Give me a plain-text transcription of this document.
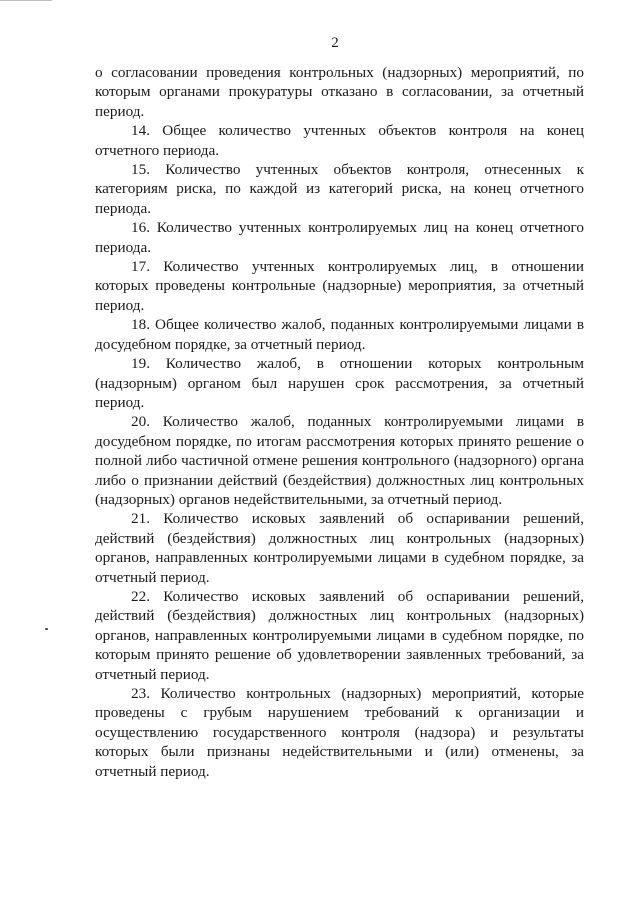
2

о согласовании проведения контрольных (надзорных) мероприятий, по которым органами прокуратуры отказано в согласовании, за отчетный период.

14. Общее количество учтенных объектов контроля на конец отчетного периода.

15. Количество учтенных объектов контроля, отнесенных к категориям риска, по каждой из категорий риска, на конец отчетного периода.

16. Количество учтенных контролируемых лиц на конец отчетного периода.

17. Количество учтенных контролируемых лиц, в отношении которых проведены контрольные (надзорные) мероприятия, за отчетный период.

18. Общее количество жалоб, поданных контролируемыми лицами в досудебном порядке, за отчетный период.

19. Количество жалоб, в отношении которых контрольным (надзорным) органом был нарушен срок рассмотрения, за отчетный период.

20. Количество жалоб, поданных контролируемыми лицами в досудебном порядке, по итогам рассмотрения которых принято решение о полной либо частичной отмене решения контрольного (надзорного) органа либо о признании действий (бездействия) должностных лиц контрольных (надзорных) органов недействительными, за отчетный период.

21. Количество исковых заявлений об оспаривании решений, действий (бездействия) должностных лиц контрольных (надзорных) органов, направленных контролируемыми лицами в судебном порядке, за отчетный период.

22. Количество исковых заявлений об оспаривании решений, действий (бездействия) должностных лиц контрольных (надзорных) органов, направленных контролируемыми лицами в судебном порядке, по которым принято решение об удовлетворении заявленных требований, за отчетный период.

23. Количество контрольных (надзорных) мероприятий, которые проведены с грубым нарушением требований к организации и осуществлению государственного контроля (надзора) и результаты которых были признаны недействительными и (или) отменены, за отчетный период.
